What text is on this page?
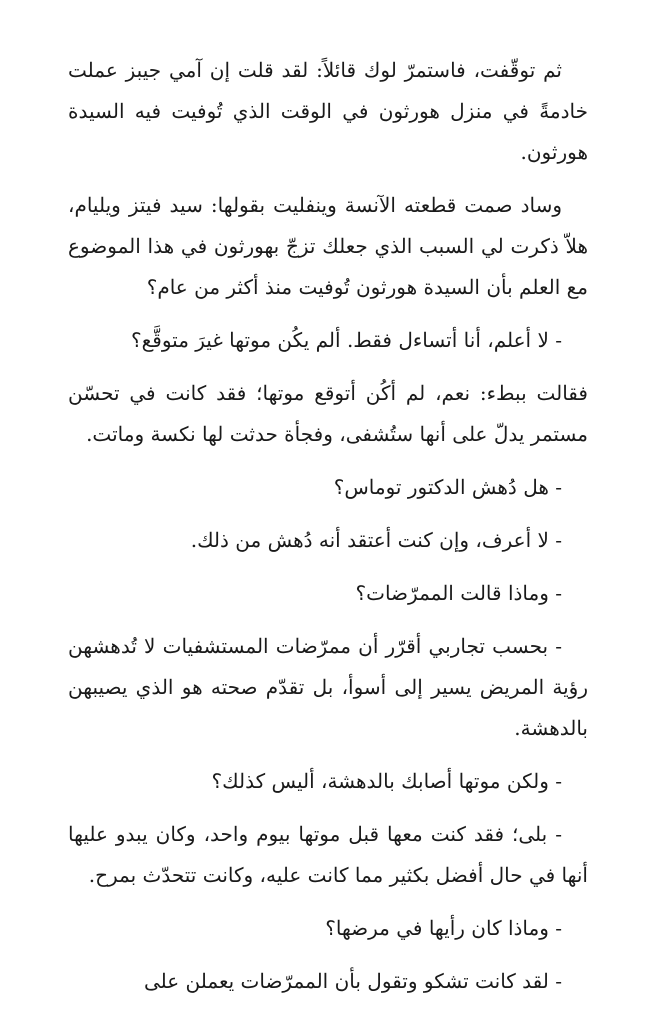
ثم توقّفت، فاستمرّ لوك قائلاً: لقد قلت إن آمي جيبز عملت خادمةً في منزل هورثون في الوقت الذي تُوفيت فيه السيدة هورثون.

وساد صمت قطعته الآنسة وينفليت بقولها: سيد فيتز ويليام، هلاّ ذكرت لي السبب الذي جعلك تزجّ بهورثون في هذا الموضوع مع العلم بأن السيدة هورثون تُوفيت منذ أكثر من عام؟

- لا أعلم، أنا أتساءل فقط. ألم يكُن موتها غيرَ متوقَّع؟

فقالت ببطء: نعم، لم أكُن أتوقع موتها؛ فقد كانت في تحسّن مستمر يدلّ على أنها ستُشفى، وفجأة حدثت لها نكسة وماتت.

- هل دُهش الدكتور توماس؟

- لا أعرف، وإن كنت أعتقد أنه دُهش من ذلك.

- وماذا قالت الممرّضات؟

- بحسب تجاربي أقرّر أن ممرّضات المستشفيات لا تُدهشهن رؤية المريض يسير إلى أسوأ، بل تقدّم صحته هو الذي يصيبهن بالدهشة.

- ولكن موتها أصابك بالدهشة، أليس كذلك؟

- بلى؛ فقد كنت معها قبل موتها بيوم واحد، وكان يبدو عليها أنها في حال أفضل بكثير مما كانت عليه، وكانت تتحدّث بمرح.

- وماذا كان رأيها في مرضها؟

- لقد كانت تشكو وتقول بأن الممرّضات يعملن على
